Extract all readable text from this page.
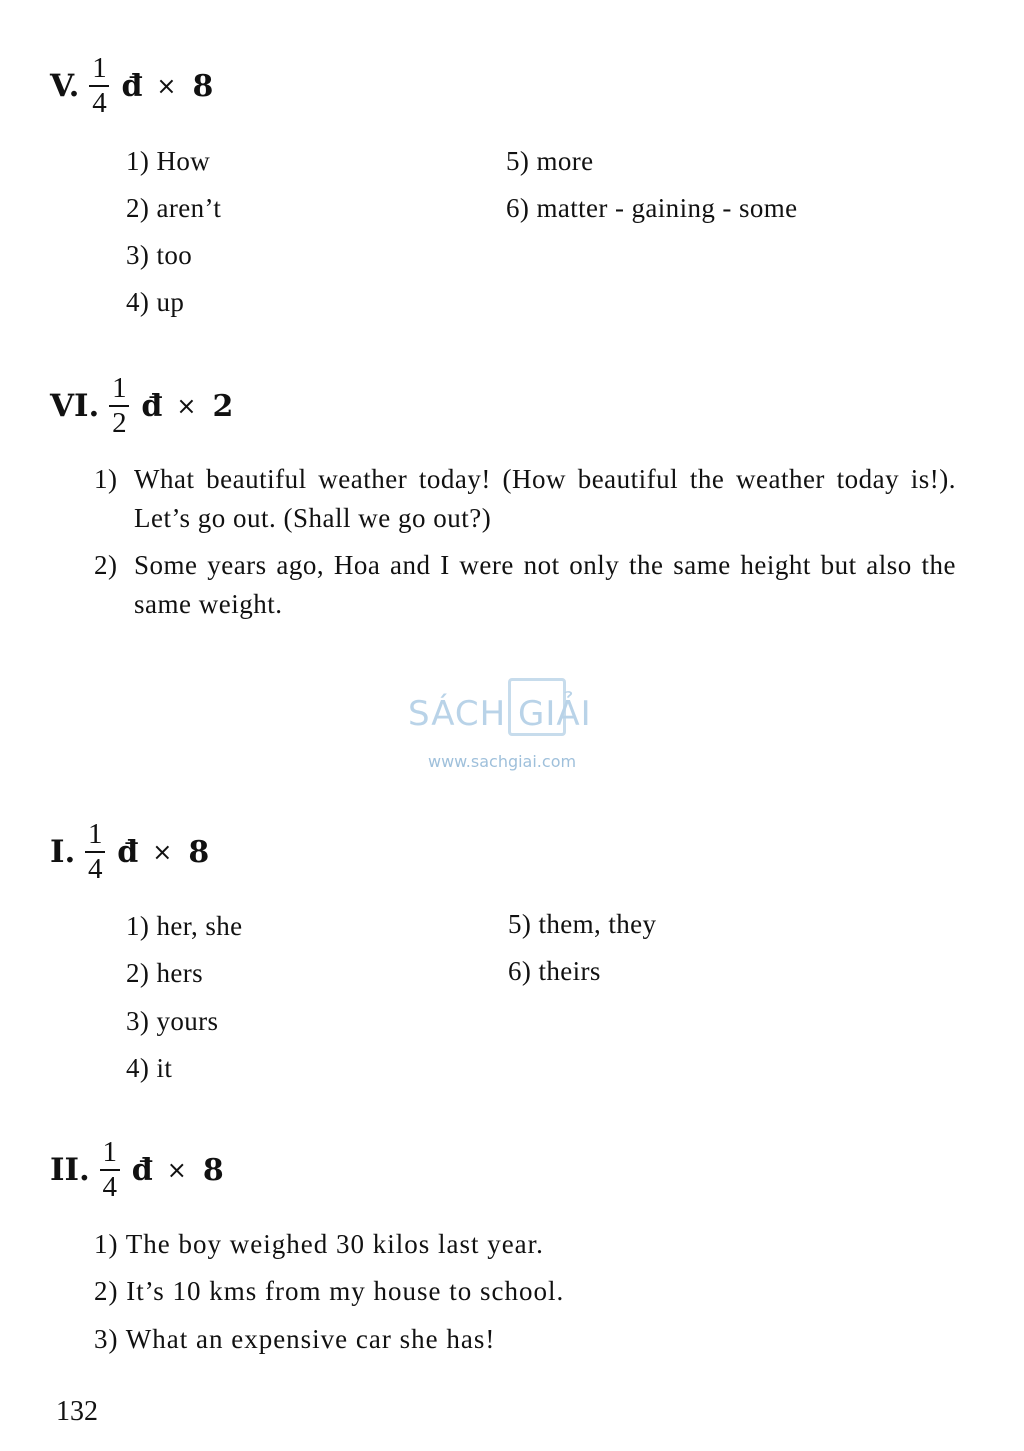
V. $\frac{1}{4}$ đ × 8
1) How
2) aren’t
3) too
4) up
5) more
6) matter - gaining - some
VI. $\frac{1}{2}$ đ × 2
1) What beautiful weather today! (How beautiful the weather today is!). Let’s go out. (Shall we go out?)
2) Some years ago, Hoa and I were not only the same height but also the same weight.
SÁCH GIẢI
www.sachgiai.com
I. $\frac{1}{4}$ đ × 8
1) her, she
2) hers
3) yours
4) it
5) them, they
6) theirs
II. $\frac{1}{4}$ đ × 8
1) The boy weighed 30 kilos last year.
2) It’s 10 kms from my house to school.
3) What an expensive car she has!
132
